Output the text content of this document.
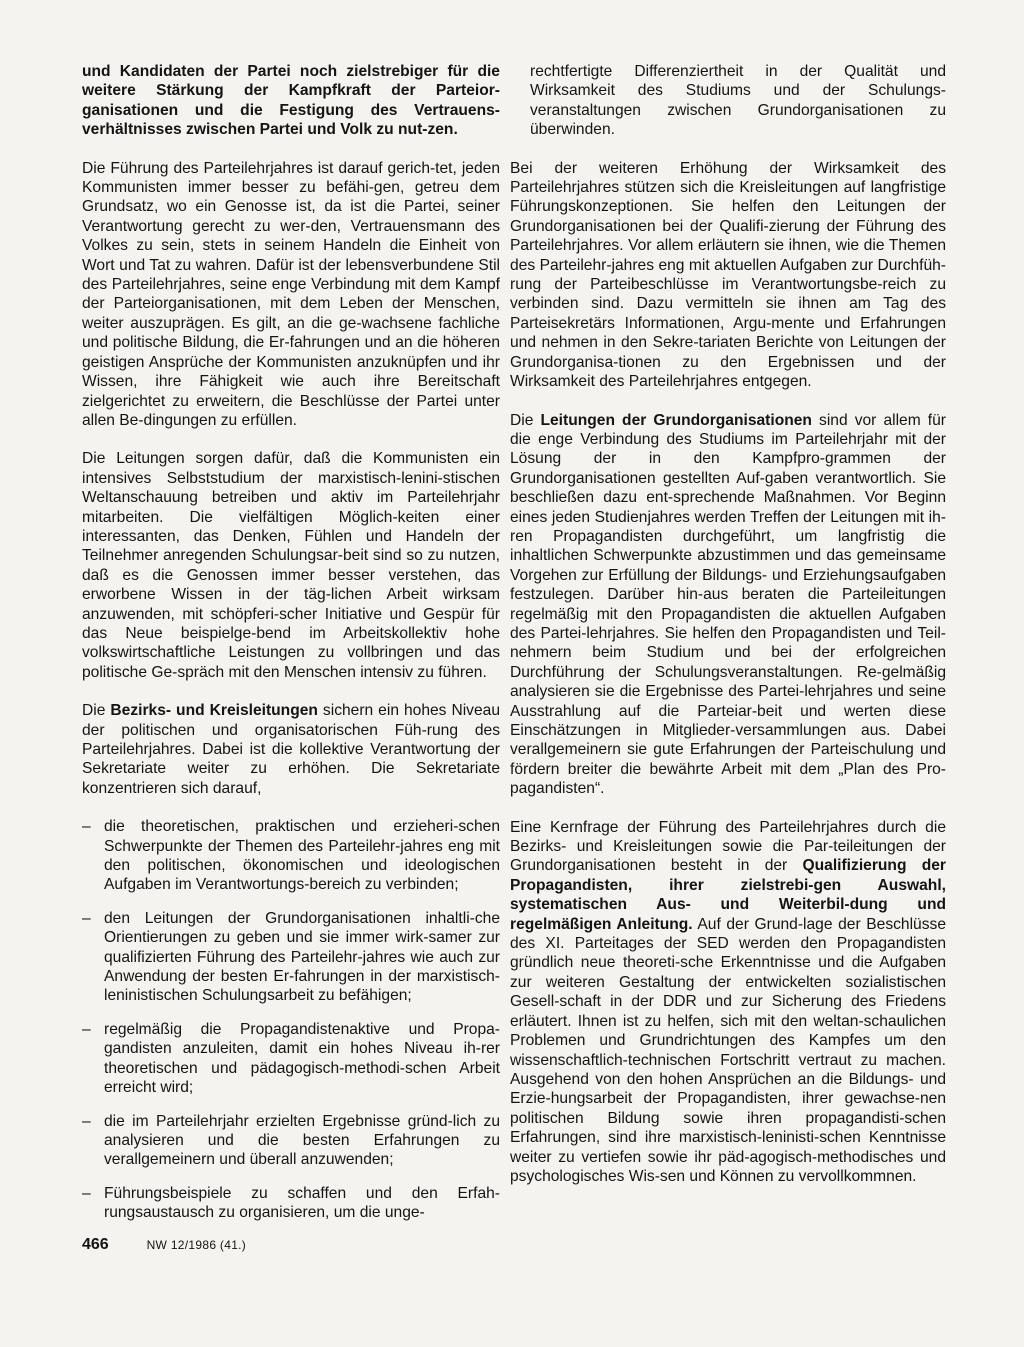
und Kandidaten der Partei noch zielstrebiger für die weitere Stärkung der Kampfkraft der Parteior-ganisationen und die Festigung des Vertrauens-verhältnisses zwischen Partei und Volk zu nut-zen.

Die Führung des Parteilehrjahres ist darauf gerich-tet, jeden Kommunisten immer besser zu befähi-gen, getreu dem Grundsatz, wo ein Genosse ist, da ist die Partei, seiner Verantwortung gerecht zu wer-den, Vertrauensmann des Volkes zu sein, stets in seinem Handeln die Einheit von Wort und Tat zu wahren. Dafür ist der lebensverbundene Stil des Parteilehrjahres, seine enge Verbindung mit dem Kampf der Parteiorganisationen, mit dem Leben der Menschen, weiter auszuprägen. Es gilt, an die ge-wachsene fachliche und politische Bildung, die Er-fahrungen und an die höheren geistigen Ansprüche der Kommunisten anzuknüpfen und ihr Wissen, ihre Fähigkeit wie auch ihre Bereitschaft zielgerichtet zu erweitern, die Beschlüsse der Partei unter allen Be-dingungen zu erfüllen.

Die Leitungen sorgen dafür, daß die Kommunisten ein intensives Selbststudium der marxistisch-lenini-stischen Weltanschauung betreiben und aktiv im Parteilehrjahr mitarbeiten. Die vielfältigen Möglich-keiten einer interessanten, das Denken, Fühlen und Handeln der Teilnehmer anregenden Schulungsar-beit sind so zu nutzen, daß es die Genossen immer besser verstehen, das erworbene Wissen in der täg-lichen Arbeit wirksam anzuwenden, mit schöpferi-scher Initiative und Gespür für das Neue beispielge-bend im Arbeitskollektiv hohe volkswirtschaftliche Leistungen zu vollbringen und das politische Ge-spräch mit den Menschen intensiv zu führen.

Die Bezirks- und Kreisleitungen sichern ein hohes Niveau der politischen und organisatorischen Füh-rung des Parteilehrjahres. Dabei ist die kollektive Verantwortung der Sekretariate weiter zu erhöhen. Die Sekretariate konzentrieren sich darauf,

– die theoretischen, praktischen und erzieheri-schen Schwerpunkte der Themen des Parteilehr-jahres eng mit den politischen, ökonomischen und ideologischen Aufgaben im Verantwortungs-bereich zu verbinden;
– den Leitungen der Grundorganisationen inhaltli-che Orientierungen zu geben und sie immer wirk-samer zur qualifizierten Führung des Parteilehr-jahres wie auch zur Anwendung der besten Er-fahrungen in der marxistisch-leninistischen Schulungsarbeit zu befähigen;
– regelmäßig die Propagandistenaktive und Propa-gandisten anzuleiten, damit ein hohes Niveau ih-rer theoretischen und pädagogisch-methodi-schen Arbeit erreicht wird;
– die im Parteilehrjahr erzielten Ergebnisse gründ-lich zu analysieren und die besten Erfahrungen zu verallgemeinern und überall anzuwenden;
– Führungsbeispiele zu schaffen und den Erfah-rungsaustausch zu organisieren, um die unge-

rechtfertigte Differenziertheit in der Qualität und Wirksamkeit des Studiums und der Schulungs-veranstaltungen zwischen Grundorganisationen zu überwinden.

Bei der weiteren Erhöhung der Wirksamkeit des Parteilehrjahres stützen sich die Kreisleitungen auf langfristige Führungskonzeptionen. Sie helfen den Leitungen der Grundorganisationen bei der Qualifi-zierung der Führung des Parteilehrjahres. Vor allem erläutern sie ihnen, wie die Themen des Parteilehr-jahres eng mit aktuellen Aufgaben zur Durchfüh-rung der Parteibeschlüsse im Verantwortungsbe-reich zu verbinden sind. Dazu vermitteln sie ihnen am Tag des Parteisekretärs Informationen, Argu-mente und Erfahrungen und nehmen in den Sekre-tariaten Berichte von Leitungen der Grundorganisa-tionen zu den Ergebnissen und der Wirksamkeit des Parteilehrjahres entgegen.

Die Leitungen der Grundorganisationen sind vor allem für die enge Verbindung des Studiums im Parteilehrjahr mit der Lösung der in den Kampfpro-grammen der Grundorganisationen gestellten Auf-gaben verantwortlich. Sie beschließen dazu ent-sprechende Maßnahmen. Vor Beginn eines jeden Studienjahres werden Treffen der Leitungen mit ih-ren Propagandisten durchgeführt, um langfristig die inhaltlichen Schwerpunkte abzustimmen und das gemeinsame Vorgehen zur Erfüllung der Bildungs- und Erziehungsaufgaben festzulegen. Darüber hin-aus beraten die Parteileitungen regelmäßig mit den Propagandisten die aktuellen Aufgaben des Partei-lehrjahres. Sie helfen den Propagandisten und Teil-nehmern beim Studium und bei der erfolgreichen Durchführung der Schulungsveranstaltungen. Re-gelmäßig analysieren sie die Ergebnisse des Partei-lehrjahres und seine Ausstrahlung auf die Parteiar-beit und werten diese Einschätzungen in Mitglieder-versammlungen aus. Dabei verallgemeinern sie gute Erfahrungen der Parteischulung und fördern breiter die bewährte Arbeit mit dem „Plan des Pro-pagandisten“.

Eine Kernfrage der Führung des Parteilehrjahres durch die Bezirks- und Kreisleitungen sowie die Par-teileitungen der Grundorganisationen besteht in der Qualifizierung der Propagandisten, ihrer zielstrebi-gen Auswahl, systematischen Aus- und Weiterbil-dung und regelmäßigen Anleitung. Auf der Grund-lage der Beschlüsse des XI. Parteitages der SED werden den Propagandisten gründlich neue theoreti-sche Erkenntnisse und die Aufgaben zur weiteren Gestaltung der entwickelten sozialistischen Gesell-schaft in der DDR und zur Sicherung des Friedens erläutert. Ihnen ist zu helfen, sich mit den weltan-schaulichen Problemen und Grundrichtungen des Kampfes um den wissenschaftlich-technischen Fortschritt vertraut zu machen. Ausgehend von den hohen Ansprüchen an die Bildungs- und Erzie-hungsarbeit der Propagandisten, ihrer gewachse-nen politischen Bildung sowie ihren propagandisti-schen Erfahrungen, sind ihre marxistisch-leninisti-schen Kenntnisse weiter zu vertiefen sowie ihr päd-agogisch-methodisches und psychologisches Wis-sen und Können zu vervollkommnen.

466	NW 12/1986 (41.)
